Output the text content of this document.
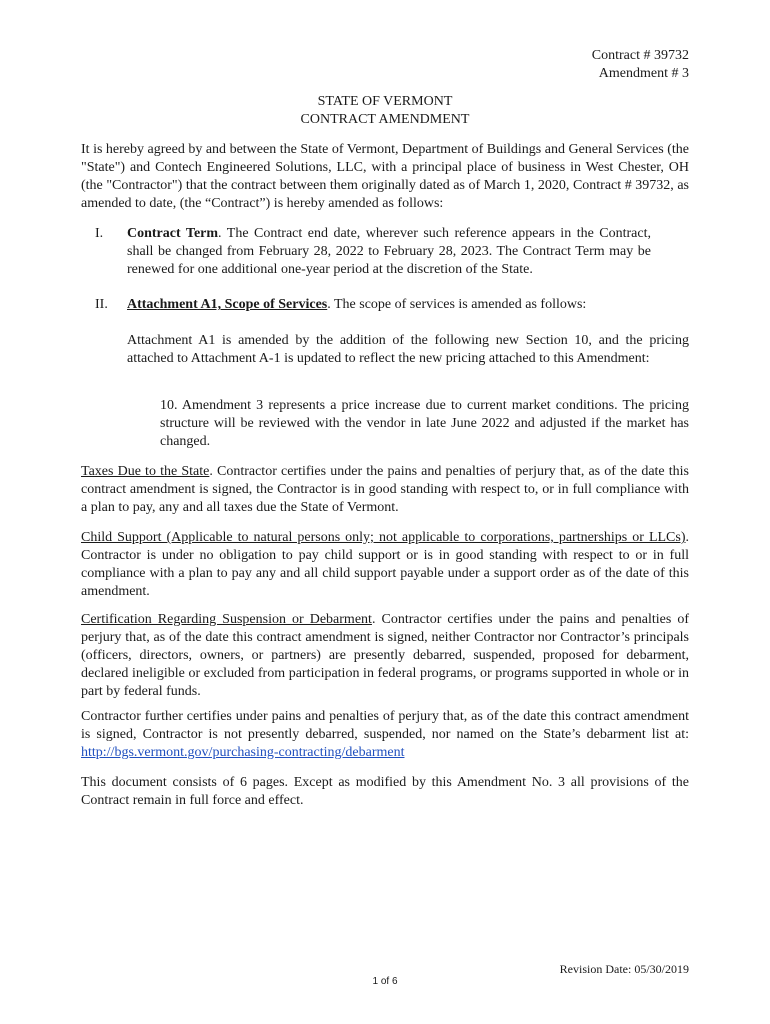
Contract # 39732
Amendment # 3
STATE OF VERMONT
CONTRACT AMENDMENT
It is hereby agreed by and between the State of Vermont, Department of Buildings and General Services (the "State") and Contech Engineered Solutions, LLC, with a principal place of business in West Chester, OH (the "Contractor") that the contract between them originally dated as of March 1, 2020, Contract # 39732, as amended to date, (the “Contract”) is hereby amended as follows:
I. Contract Term. The Contract end date, wherever such reference appears in the Contract, shall be changed from February 28, 2022 to February 28, 2023. The Contract Term may be renewed for one additional one-year period at the discretion of the State.
II. Attachment A1, Scope of Services. The scope of services is amended as follows:
Attachment A1 is amended by the addition of the following new Section 10, and the pricing attached to Attachment A-1 is updated to reflect the new pricing attached to this Amendment:
10. Amendment 3 represents a price increase due to current market conditions. The pricing structure will be reviewed with the vendor in late June 2022 and adjusted if the market has changed.
Taxes Due to the State. Contractor certifies under the pains and penalties of perjury that, as of the date this contract amendment is signed, the Contractor is in good standing with respect to, or in full compliance with a plan to pay, any and all taxes due the State of Vermont.
Child Support (Applicable to natural persons only; not applicable to corporations, partnerships or LLCs). Contractor is under no obligation to pay child support or is in good standing with respect to or in full compliance with a plan to pay any and all child support payable under a support order as of the date of this amendment.
Certification Regarding Suspension or Debarment. Contractor certifies under the pains and penalties of perjury that, as of the date this contract amendment is signed, neither Contractor nor Contractor’s principals (officers, directors, owners, or partners) are presently debarred, suspended, proposed for debarment, declared ineligible or excluded from participation in federal programs, or programs supported in whole or in part by federal funds.
Contractor further certifies under pains and penalties of perjury that, as of the date this contract amendment is signed, Contractor is not presently debarred, suspended, nor named on the State’s debarment list at: http://bgs.vermont.gov/purchasing-contracting/debarment
This document consists of 6 pages. Except as modified by this Amendment No. 3 all provisions of the Contract remain in full force and effect.
Revision Date: 05/30/2019
1 of 6
